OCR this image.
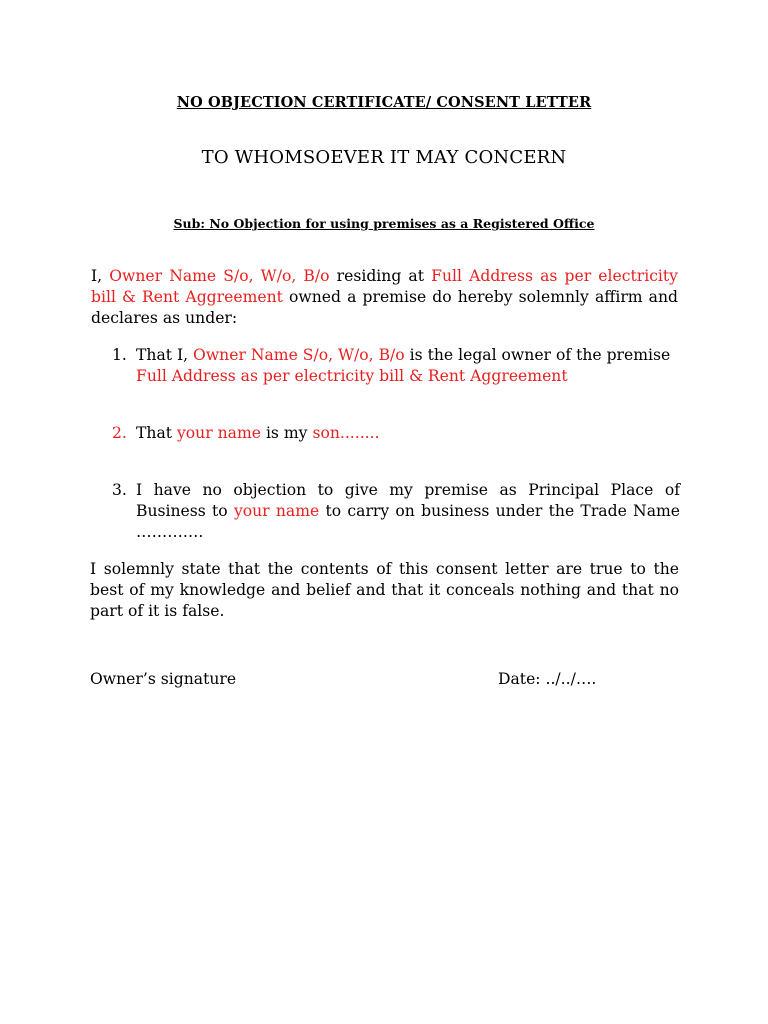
NO OBJECTION CERTIFICATE/ CONSENT LETTER
TO WHOMSOEVER IT MAY CONCERN
Sub: No Objection for using premises as a Registered Office
I, Owner Name S/o, W/o, B/o residing at Full Address as per electricity bill & Rent Aggreement owned a premise do hereby solemnly affirm and declares as under:
1. That I, Owner Name S/o, W/o, B/o is the legal owner of the premise Full Address as per electricity bill & Rent Aggreement
2. That your name is my son........
3. I have no objection to give my premise as Principal Place of Business to your name to carry on business under the Trade Name ………….
I solemnly state that the contents of this consent letter are true to the best of my knowledge and belief and that it conceals nothing and that no part of it is false.
Owner’s signature	Date: ../../….
